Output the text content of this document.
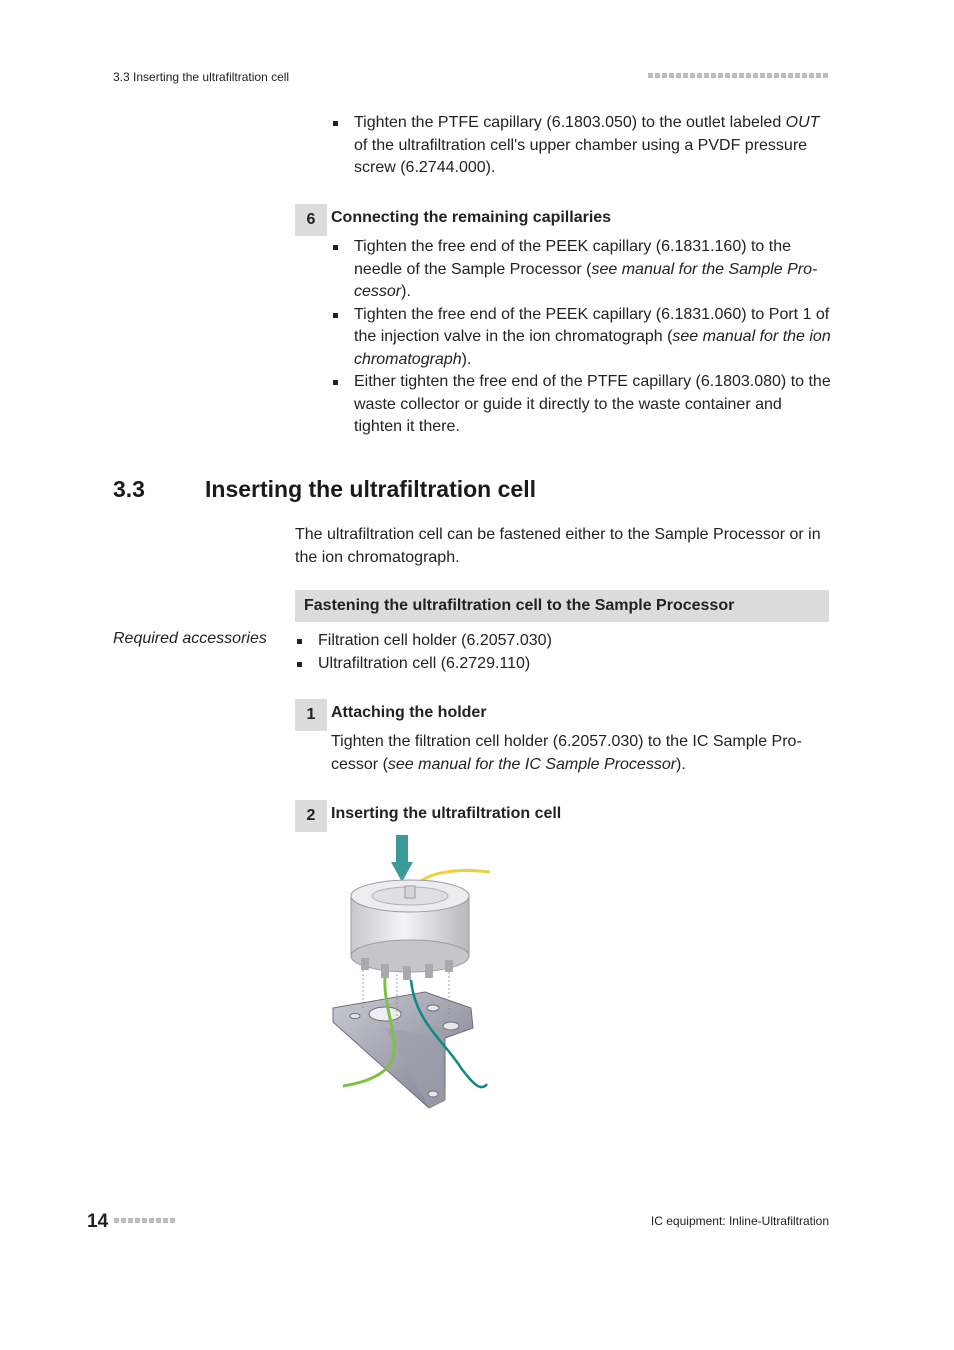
3.3 Inserting the ultrafiltration cell
Tighten the PTFE capillary (6.1803.050) to the outlet labeled OUT of the ultrafiltration cell's upper chamber using a PVDF pressure screw (6.2744.000).
6 Connecting the remaining capillaries
Tighten the free end of the PEEK capillary (6.1831.160) to the needle of the Sample Processor (see manual for the Sample Pro- cessor).
Tighten the free end of the PEEK capillary (6.1831.060) to Port 1 of the injection valve in the ion chromatograph (see manual for the ion chromatograph).
Either tighten the free end of the PTFE capillary (6.1803.080) to the waste collector or guide it directly to the waste container and tighten it there.
3.3	Inserting the ultrafiltration cell
The ultrafiltration cell can be fastened either to the Sample Processor or in the ion chromatograph.
Fastening the ultrafiltration cell to the Sample Processor
Required accessories	Filtration cell holder (6.2057.030)
Ultrafiltration cell (6.2729.110)
1 Attaching the holder
Tighten the filtration cell holder (6.2057.030) to the IC Sample Pro- cessor (see manual for the IC Sample Processor).
2 Inserting the ultrafiltration cell
14	IC equipment: Inline-Ultrafiltration
